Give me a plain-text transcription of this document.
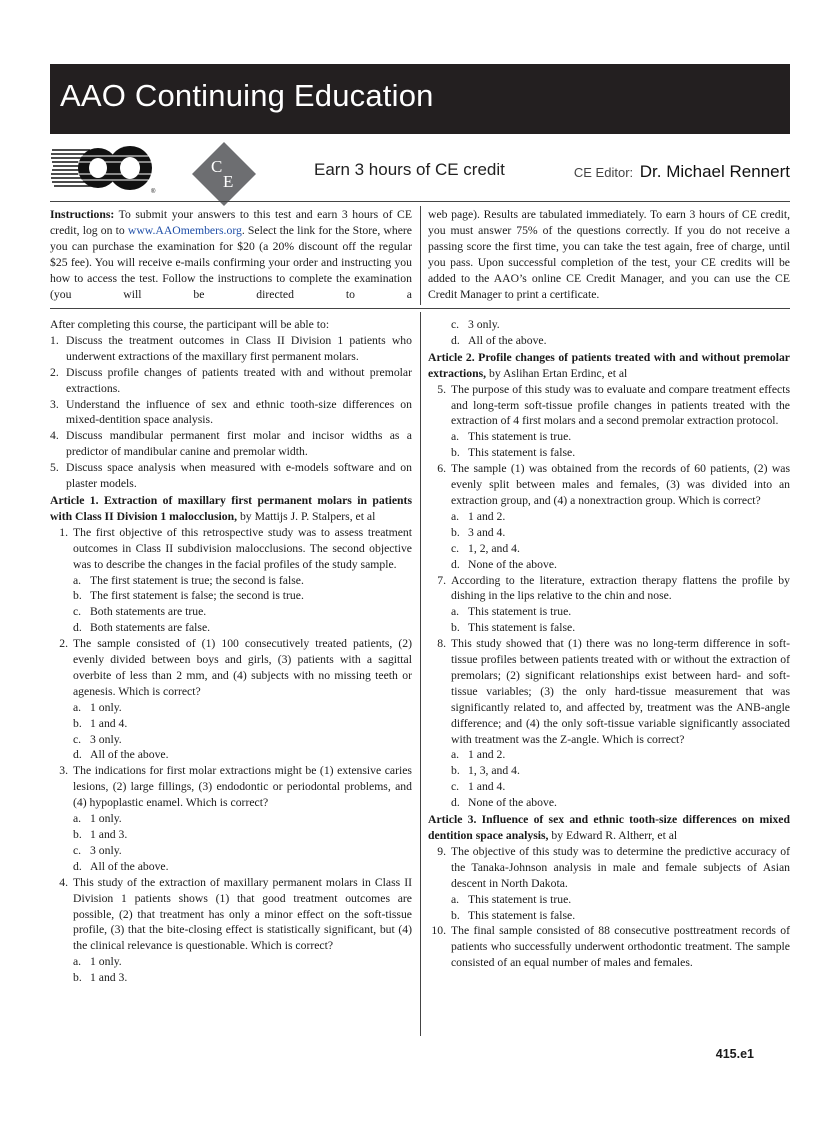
AAO Continuing Education
®
C
E
Earn 3 hours of CE credit	CE Editor: Dr. Michael Rennert

Instructions: To submit your answers to this test and earn 3 hours of CE credit, log on to www.AAOmembers.org. Select the link for the Store, where you can purchase the examination for $20 (a 20% discount off the regular $25 fee). You will receive e-mails confirming your order and instructing you how to access the test. Follow the instructions to complete the examination (you will be directed to a

web page). Results are tabulated immediately. To earn 3 hours of CE credit, you must answer 75% of the questions correctly. If you do not receive a passing score the first time, you can take the test again, free of charge, until you pass. Upon successful completion of the test, your CE credits will be added to the AAO’s online CE Credit Manager, and you can use the CE Credit Manager to print a certificate.

After completing this course, the participant will be able to:

1. Discuss the treatment outcomes in Class II Division 1 patients who underwent extractions of the maxillary first permanent molars.

2. Discuss profile changes of patients treated with and without premolar extractions.

3. Understand the influence of sex and ethnic tooth-size differences on mixed-dentition space analysis.

4. Discuss mandibular permanent first molar and incisor widths as a predictor of mandibular canine and premolar width.

5. Discuss space analysis when measured with e-models software and on plaster models.

Article 1. Extraction of maxillary first permanent molars in patients with Class II Division 1 malocclusion, by Mattijs J. P. Stalpers, et al

1. The first objective of this retrospective study was to assess treatment outcomes in Class II subdivision malocclusions. The second objective was to describe the changes in the facial profiles of the study sample.

a. The first statement is true; the second is false.

b. The first statement is false; the second is true.

c. Both statements are true.

d. Both statements are false.

2. The sample consisted of (1) 100 consecutively treated patients, (2) evenly divided between boys and girls, (3) patients with a sagittal overbite of less than 2 mm, and (4) subjects with no missing teeth or agenesis. Which is correct?

a. 1 only.

b. 1 and 4.

c. 3 only.

d. All of the above.

3. The indications for first molar extractions might be (1) extensive caries lesions, (2) large fillings, (3) endodontic or periodontal problems, and (4) hypoplastic enamel. Which is correct?

a. 1 only.

b. 1 and 3.

c. 3 only.

d. All of the above.

4. This study of the extraction of maxillary permanent molars in Class II Division 1 patients shows (1) that good treatment outcomes are possible, (2) that treatment has only a minor effect on the soft-tissue profile, (3) that the bite-closing effect is statistically significant, but (4) the clinical relevance is questionable. Which is correct?

a. 1 only.

b. 1 and 3.

c. 3 only.

d. All of the above.

Article 2. Profile changes of patients treated with and without premolar extractions, by Aslihan Ertan Erdinc, et al

5. The purpose of this study was to evaluate and compare treatment effects and long-term soft-tissue profile changes in patients treated with the extraction of 4 first molars and a second premolar extraction protocol.

a. This statement is true.

b. This statement is false.

6. The sample (1) was obtained from the records of 60 patients, (2) was evenly split between males and females, (3) was divided into an extraction group, and (4) a nonextraction group. Which is correct?

a. 1 and 2.

b. 3 and 4.

c. 1, 2, and 4.

d. None of the above.

7. According to the literature, extraction therapy flattens the profile by dishing in the lips relative to the chin and nose.

a. This statement is true.

b. This statement is false.

8. This study showed that (1) there was no long-term difference in soft-tissue profiles between patients treated with or without the extraction of premolars; (2) significant relationships exist between hard- and soft-tissue variables; (3) the only hard-tissue measurement that was significantly related to, and affected by, treatment was the ANB-angle difference; and (4) the only soft-tissue variable significantly associated with treatment was the Z-angle. Which is correct?

a. 1 and 2.

b. 1, 3, and 4.

c. 1 and 4.

d. None of the above.

Article 3. Influence of sex and ethnic tooth-size differences on mixed dentition space analysis, by Edward R. Altherr, et al

9. The objective of this study was to determine the predictive accuracy of the Tanaka-Johnson analysis in male and female subjects of Asian descent in North Dakota.

a. This statement is true.

b. This statement is false.

10. The final sample consisted of 88 consecutive posttreatment records of patients who successfully underwent orthodontic treatment. The sample consisted of an equal number of males and females.

415.e1
